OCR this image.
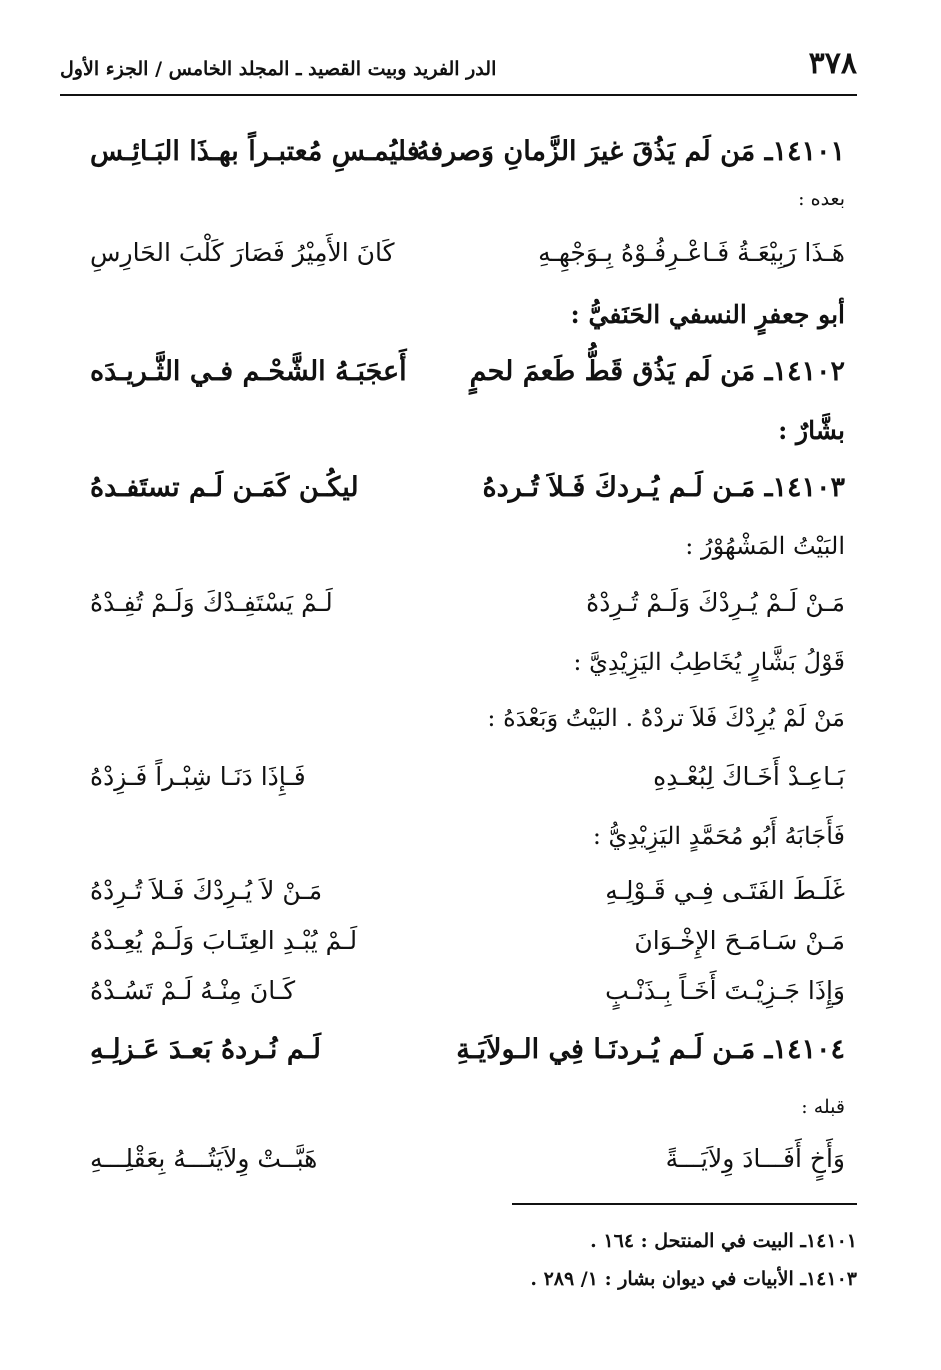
٣٧٨
الدر الفريد وبيت القصيد ـ المجلد الخامس / الجزء الأول
١٤١٠١ـ مَن لَم يَذُقَ غيرَ الزَّمانِ وَصرفهُ
فليُمـسِ مُعتبـراً بهـذَا البَـائِـس
بعده :
هَـذَا رَبِيْعَـةُ فَـاعْـرِفُـوْهُ بِـوَجْهِـهِ
كَانَ الأَمِيْرُ فَصَارَ كَلْبَ الحَارِسِ
أبو جعفرٍ النسفي الحَنَفيُّ :
١٤١٠٢ـ مَن لَم يَذُق قَطُّ طَعمَ لحمٍ
أَعجَبَـهُ الشَّحْـم فـي الثَّـريـدَه
بشَّارٌ :
١٤١٠٣ـ مَـن لَـم يُـردكَ فَـلاَ تُـردهُ
ليكُـن كَمَـن لَـم تستَفـدهُ
البَيْتُ المَشْهُوْرُ :
مَـنْ لَـمْ يُـرِدْكَ وَلَـمْ تُـرِدْهُ
لَـمْ يَسْتَفِـدْكَ وَلَـمْ تُفِـدْهُ
قَوْلُ بَشَّارٍ يُخَاطِبُ اليَزِيْدِيَّ :
مَنْ لَمْ يُرِدْكَ فَلاَ تردْهُ . البَيْتُ وَبَعْدَهُ :
بَـاعِـدْ أَخَـاكَ لِبُعْـدِهِ
فَـإِذَا دَنَـا شِبْـراً فَـزِدْهُ
فَأَجَابَهُ أَبُو مُحَمَّدٍ اليَزِيْدِيُّ :
غَلَـطَ الفَتَـى فِـي قَـوْلِـهِ
مَـنْ لاَ يُـرِدْكَ فَـلاَ تُـرِدْهُ
مَـنْ سَـامَـحَ الإِخْـوَانَ
لَـمْ يُبْـدِ العِتَـابَ وَلَـمْ يُعِـدْهُ
وَإِذَا جَـزِيْـتَ أَخَـاً بِـذَنْـبٍ
كَـانَ مِنْـهُ لَـمْ تَسُـدْهُ
١٤١٠٤ـ مَـن لَـم يُـردنَـا فِي الـولاَيَـةِ
لَـم نُـردهُ بَعـدَ عَـزلِـهِ
قبله :
وَأَخٍ أَفَـــادَ وِلاَيَـــةً
هَبَّــتْ وِلاَيَتُـــهُ بِعَقْلِـــهِ
١٤١٠١ـ البيت في المنتحل : ١٦٤ .
١٤١٠٣ـ الأبيات في ديوان بشار : ١/ ٢٨٩ .
